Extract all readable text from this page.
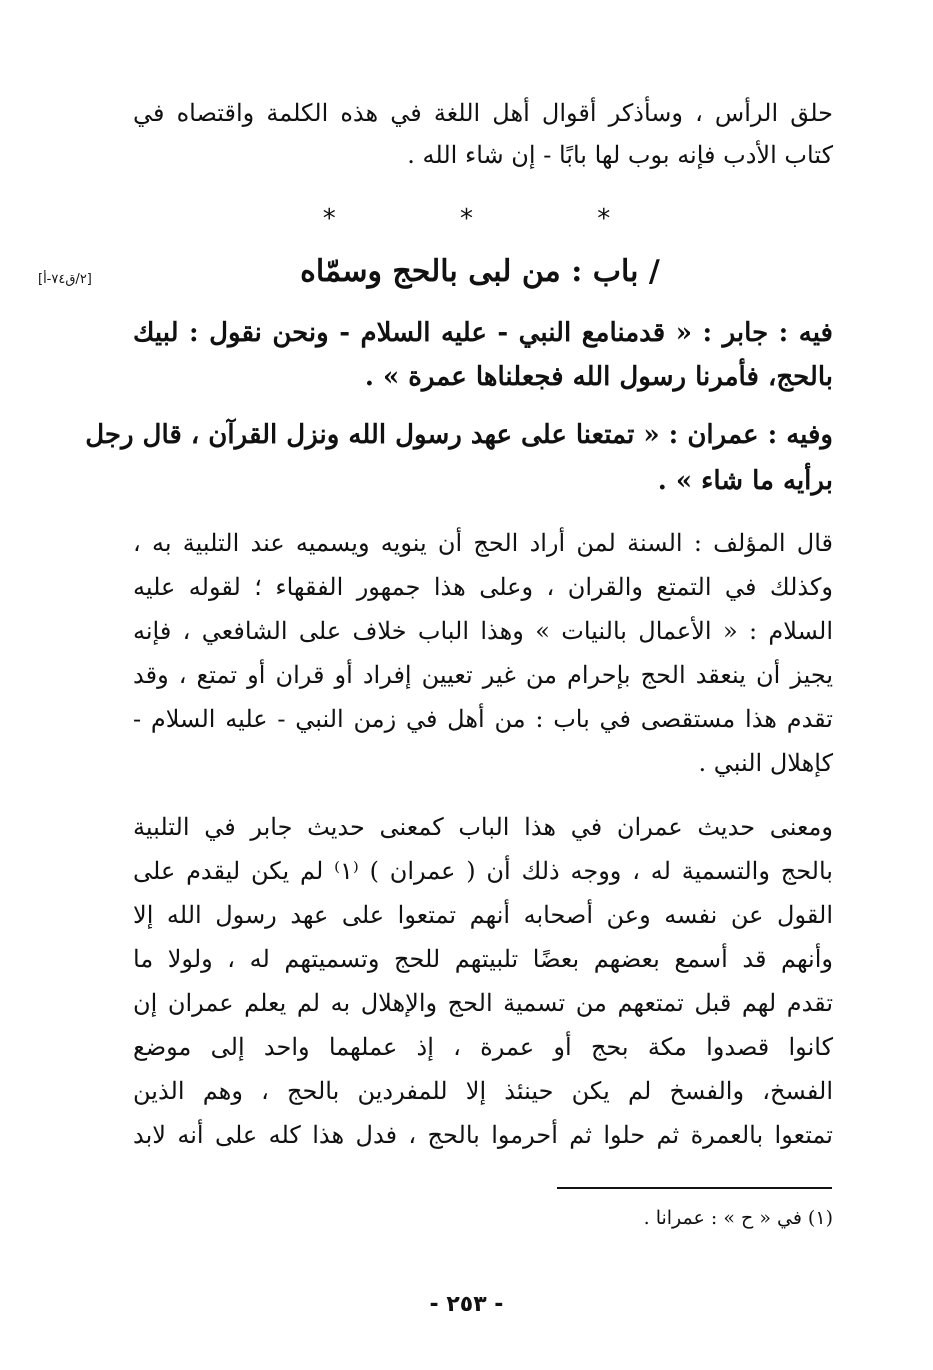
حلق الرأس ، وسأذكر أقوال أهل اللغة في هذه الكلمة واقتصاه في
كتاب الأدب فإنه بوب لها بابًا - إن شاء الله .
* * *
[٢/ق٧٤-أ]	/ باب : من لبى بالحج وسمّاه
فيه : جابر : « قدمنامع النبي - عليه السلام - ونحن نقول : لبيك
بالحج، فأمرنا رسول الله فجعلناها عمرة » .
وفيه : عمران : « تمتعنا على عهد رسول الله ونزل القرآن ، قال رجل
برأيه ما شاء » .
قال المؤلف : السنة لمن أراد الحج أن ينويه ويسميه عند التلبية به ،
وكذلك في التمتع والقران ، وعلى هذا جمهور الفقهاء ؛ لقوله عليه
السلام : « الأعمال بالنيات » وهذا الباب خلاف على الشافعي ، فإنه
يجيز أن ينعقد الحج بإحرام من غير تعيين إفراد أو قران أو تمتع ، وقد
تقدم هذا مستقصى في باب : من أهل في زمن النبي - عليه السلام -
كإهلال النبي .
ومعنى حديث عمران في هذا الباب كمعنى حديث جابر في التلبية
بالحج والتسمية له ، ووجه ذلك أن ( عمران ) ⁽١⁾ لم يكن ليقدم على
القول عن نفسه وعن أصحابه أنهم تمتعوا على عهد رسول الله إلا
وأنهم قد أسمع بعضهم بعضًا تلبيتهم للحج وتسميتهم له ، ولولا ما
تقدم لهم قبل تمتعهم من تسمية الحج والإهلال به لم يعلم عمران إن
كانوا قصدوا مكة بحج أو عمرة ، إذ عملهما واحد إلى موضع
الفسخ، والفسخ لم يكن حينئذ إلا للمفردين بالحج ، وهم الذين
تمتعوا بالعمرة ثم حلوا ثم أحرموا بالحج ، فدل هذا كله على أنه لابد
(١) في « ح » : عمرانا .
- ٢٥٣ -
